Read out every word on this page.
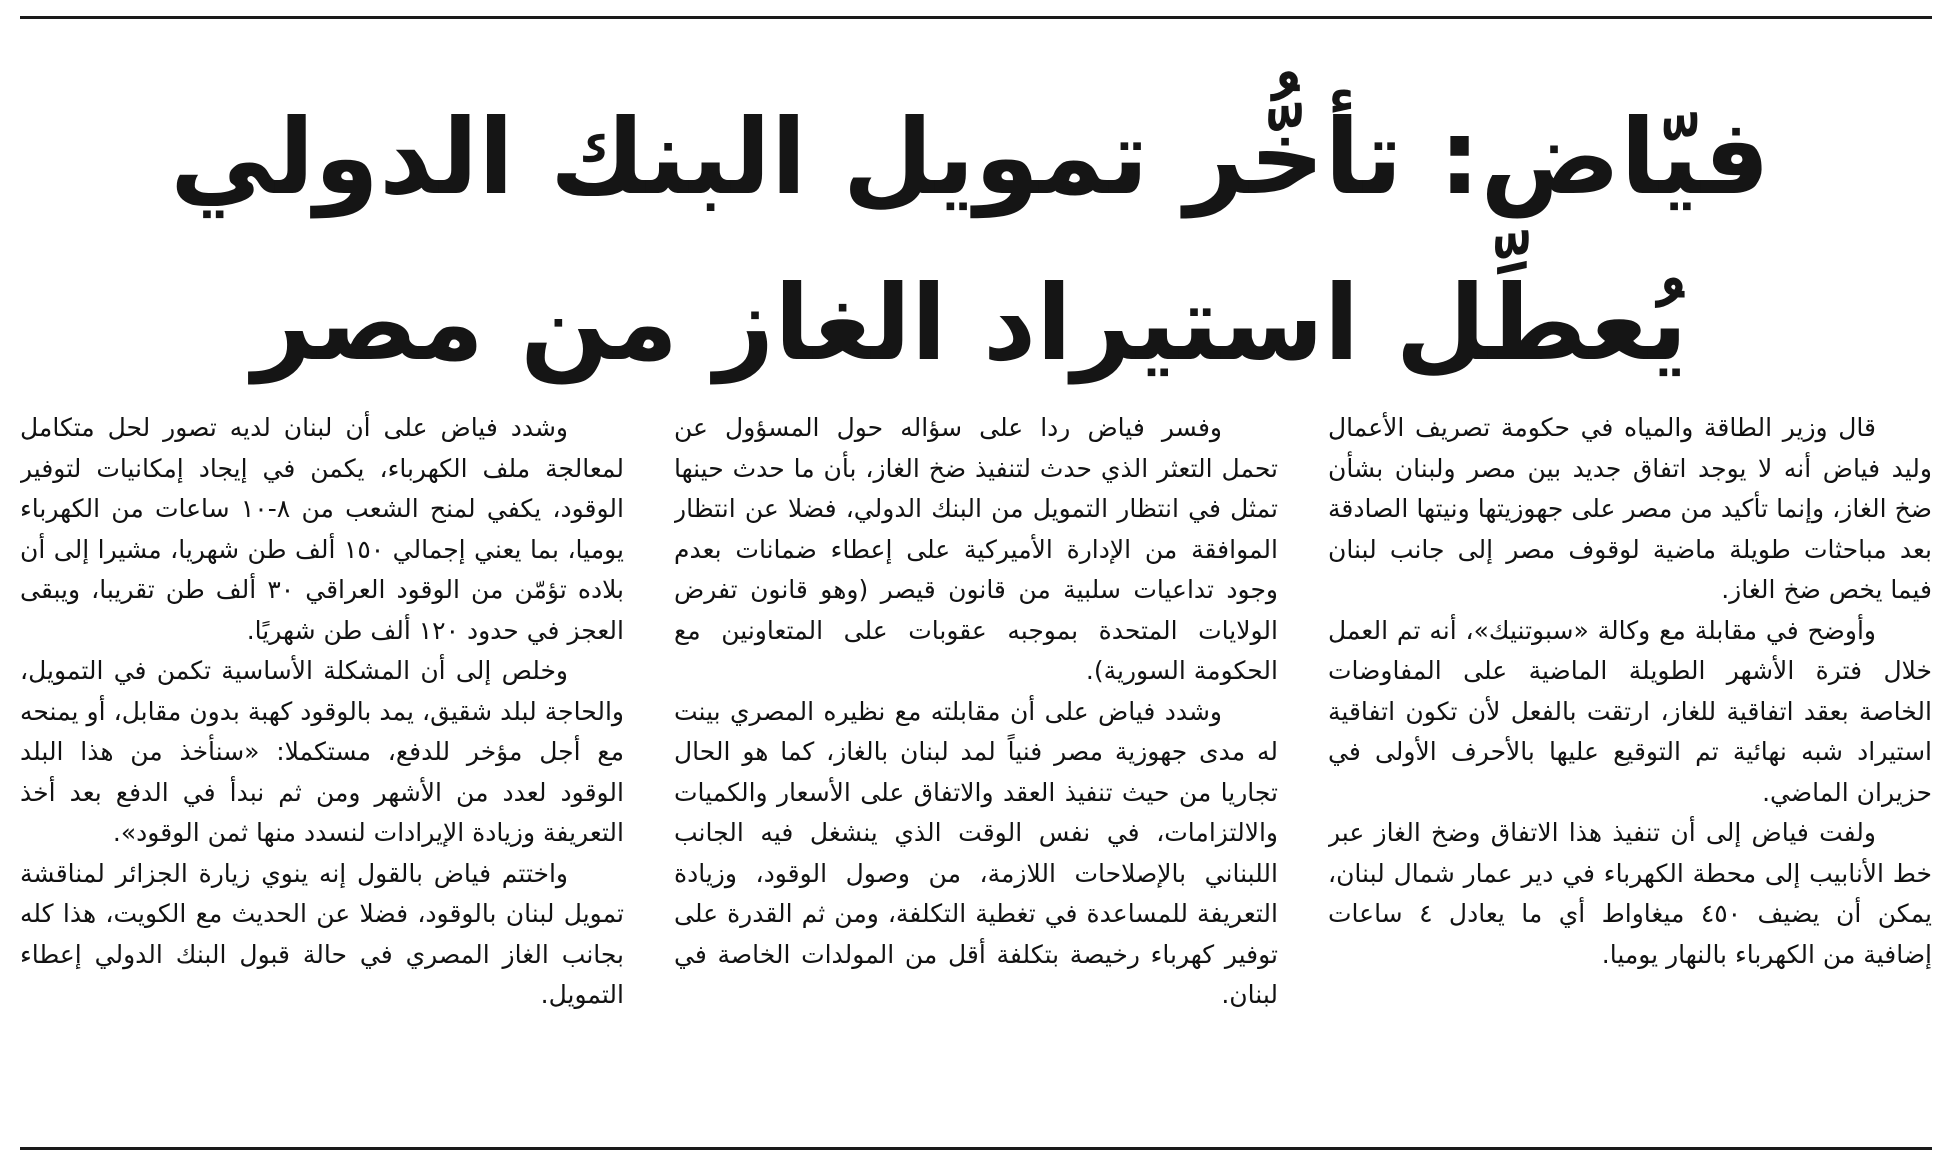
فيّاض: تأخُّر تمويل البنك الدولي
يُعطِّل استيراد الغاز من مصر

قال وزير الطاقة والمياه في حكومة تصريف الأعمال وليد فياض أنه لا يوجد اتفاق جديد بين مصر ولبنان بشأن ضخ الغاز، وإنما تأكيد من مصر على جهوزيتها ونيتها الصادقة بعد مباحثات طويلة ماضية لوقوف مصر إلى جانب لبنان فيما يخص ضخ الغاز.

وأوضح في مقابلة مع وكالة «سبوتنيك»، أنه تم العمل خلال فترة الأشهر الطويلة الماضية على المفاوضات الخاصة بعقد اتفاقية للغاز، ارتقت بالفعل لأن تكون اتفاقية استيراد شبه نهائية تم التوقيع عليها بالأحرف الأولى في حزيران الماضي.

ولفت فياض إلى أن تنفيذ هذا الاتفاق وضخ الغاز عبر خط الأنابيب إلى محطة الكهرباء في دير عمار شمال لبنان، يمكن أن يضيف ٤٥٠ ميغاواط أي ما يعادل ٤ ساعات إضافية من الكهرباء بالنهار يوميا.

وفسر فياض ردا على سؤاله حول المسؤول عن تحمل التعثر الذي حدث لتنفيذ ضخ الغاز، بأن ما حدث حينها تمثل في انتظار التمويل من البنك الدولي، فضلا عن انتظار الموافقة من الإدارة الأميركية على إعطاء ضمانات بعدم وجود تداعيات سلبية من قانون قيصر (وهو قانون تفرض الولايات المتحدة بموجبه عقوبات على المتعاونين مع الحكومة السورية).

وشدد فياض على أن مقابلته مع نظيره المصري بينت له مدى جهوزية مصر فنياً لمد لبنان بالغاز، كما هو الحال تجاريا من حيث تنفيذ العقد والاتفاق على الأسعار والكميات والالتزامات، في نفس الوقت الذي ينشغل فيه الجانب اللبناني بالإصلاحات اللازمة، من وصول الوقود، وزيادة التعريفة للمساعدة في تغطية التكلفة، ومن ثم القدرة على توفير كهرباء رخيصة بتكلفة أقل من المولدات الخاصة في لبنان.

وشدد فياض على أن لبنان لديه تصور لحل متكامل لمعالجة ملف الكهرباء، يكمن في إيجاد إمكانيات لتوفير الوقود، يكفي لمنح الشعب من ٨-١٠ ساعات من الكهرباء يوميا، بما يعني إجمالي ١٥٠ ألف طن شهريا، مشيرا إلى أن بلاده تؤمّن من الوقود العراقي ٣٠ ألف طن تقريبا، ويبقى العجز في حدود ١٢٠ ألف طن شهريًا.

وخلص إلى أن المشكلة الأساسية تكمن في التمويل، والحاجة لبلد شقيق، يمد بالوقود كهبة بدون مقابل، أو يمنحه مع أجل مؤخر للدفع، مستكملا: «سنأخذ من هذا البلد الوقود لعدد من الأشهر ومن ثم نبدأ في الدفع بعد أخذ التعريفة وزيادة الإيرادات لنسدد منها ثمن الوقود».

واختتم فياض بالقول إنه ينوي زيارة الجزائر لمناقشة تمويل لبنان بالوقود، فضلا عن الحديث مع الكويت، هذا كله بجانب الغاز المصري في حالة قبول البنك الدولي إعطاء التمويل.
